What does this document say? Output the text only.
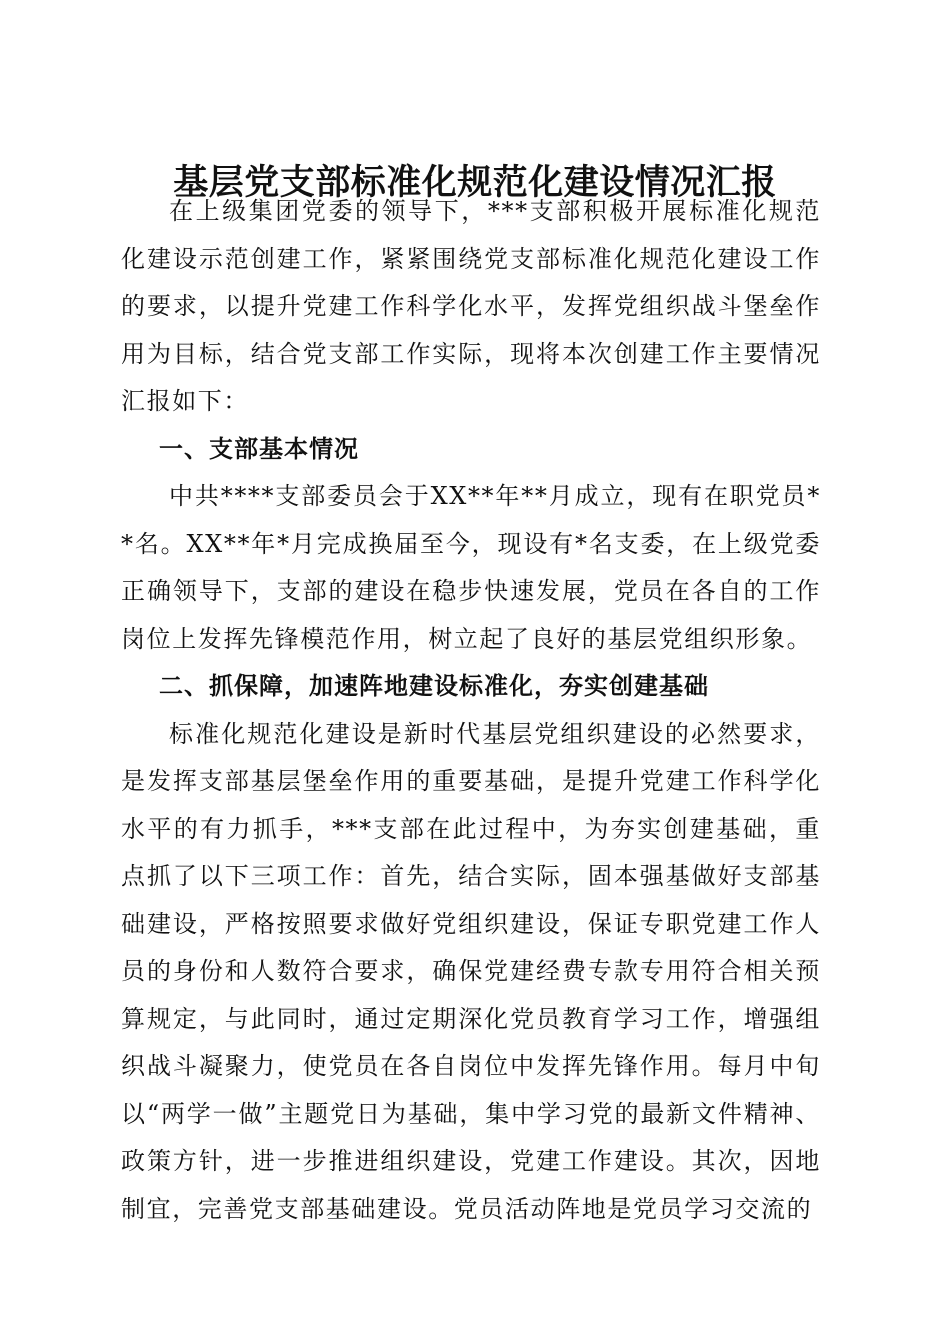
基层党支部标准化规范化建设情况汇报

在上级集团党委的领导下，***支部积极开展标准化规范化建设示范创建工作，紧紧围绕党支部标准化规范化建设工作的要求，以提升党建工作科学化水平，发挥党组织战斗堡垒作用为目标，结合党支部工作实际，现将本次创建工作主要情况汇报如下：

一、支部基本情况

中共****支部委员会于XX**年**月成立，现有在职党员**名。XX**年*月完成换届至今，现设有*名支委，在上级党委正确领导下，支部的建设在稳步快速发展，党员在各自的工作岗位上发挥先锋模范作用，树立起了良好的基层党组织形象。

二、抓保障，加速阵地建设标准化，夯实创建基础

标准化规范化建设是新时代基层党组织建设的必然要求，是发挥支部基层堡垒作用的重要基础，是提升党建工作科学化水平的有力抓手，***支部在此过程中，为夯实创建基础，重点抓了以下三项工作：首先，结合实际，固本强基做好支部基础建设，严格按照要求做好党组织建设，保证专职党建工作人员的身份和人数符合要求，确保党建经费专款专用符合相关预算规定，与此同时，通过定期深化党员教育学习工作，增强组织战斗凝聚力，使党员在各自岗位中发挥先锋作用。每月中旬以“两学一做”主题党日为基础，集中学习党的最新文件精神、政策方针，进一步推进组织建设，党建工作建设。其次，因地制宜，完善党支部基础建设。党员活动阵地是党员学习交流的
